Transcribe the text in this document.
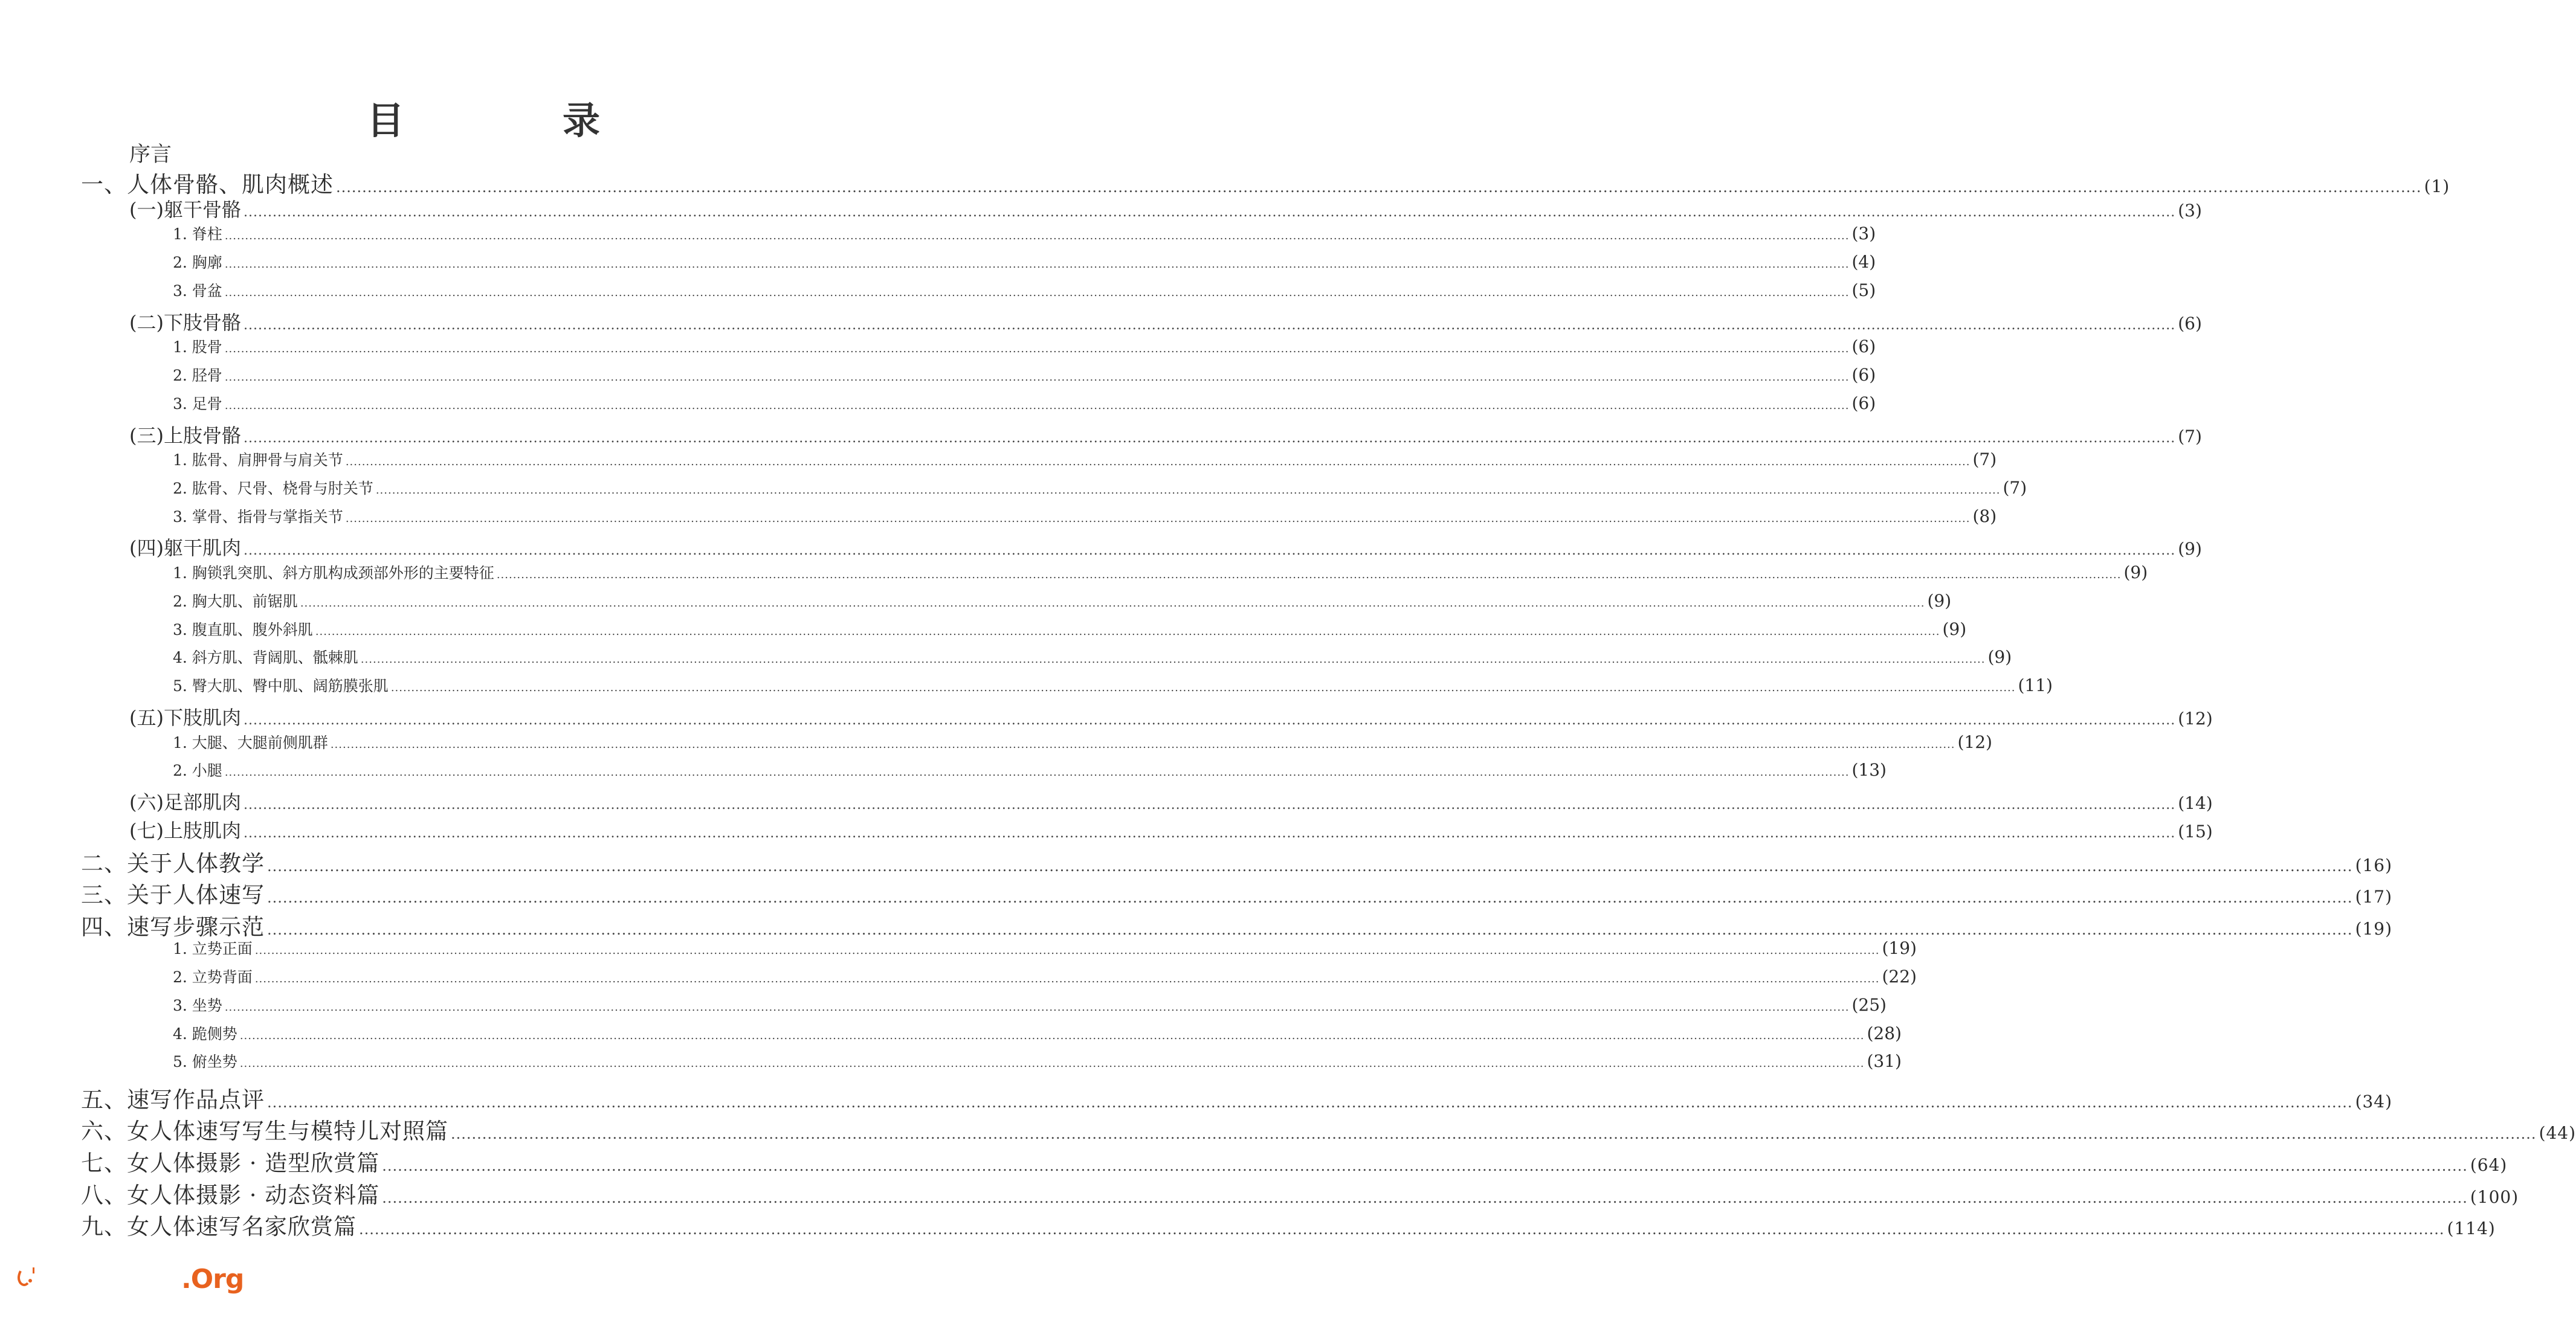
目　录
序言
一、人体骨骼、肌肉概述 ................................................................................................................................................................................................................................................................................................................................................................................................................ (1)
(一)躯干骨骼 ................................................................................................................................................................................................................................................................................................................................................................................................................ (3)
1. 脊柱 ................................................................................................................................................................................................................................................................................................................................................................................................................ (3)
2. 胸廓 ................................................................................................................................................................................................................................................................................................................................................................................................................ (4)
3. 骨盆 ................................................................................................................................................................................................................................................................................................................................................................................................................ (5)
(二)下肢骨骼 ................................................................................................................................................................................................................................................................................................................................................................................................................ (6)
1. 股骨 ................................................................................................................................................................................................................................................................................................................................................................................................................ (6)
2. 胫骨 ................................................................................................................................................................................................................................................................................................................................................................................................................ (6)
3. 足骨 ................................................................................................................................................................................................................................................................................................................................................................................................................ (6)
(三)上肢骨骼 ................................................................................................................................................................................................................................................................................................................................................................................................................ (7)
1. 肱骨、肩胛骨与肩关节 ................................................................................................................................................................................................................................................................................................................................................................................................................ (7)
2. 肱骨、尺骨、桡骨与肘关节 ................................................................................................................................................................................................................................................................................................................................................................................................................ (7)
3. 掌骨、指骨与掌指关节 ................................................................................................................................................................................................................................................................................................................................................................................................................ (8)
(四)躯干肌肉 ................................................................................................................................................................................................................................................................................................................................................................................................................ (9)
1. 胸锁乳突肌、斜方肌构成颈部外形的主要特征 ................................................................................................................................................................................................................................................................................................................................................................................................................ (9)
2. 胸大肌、前锯肌 ................................................................................................................................................................................................................................................................................................................................................................................................................ (9)
3. 腹直肌、腹外斜肌 ................................................................................................................................................................................................................................................................................................................................................................................................................ (9)
4. 斜方肌、背阔肌、骶棘肌 ................................................................................................................................................................................................................................................................................................................................................................................................................ (9)
5. 臀大肌、臀中肌、阔筋膜张肌 ................................................................................................................................................................................................................................................................................................................................................................................................................ (11)
(五)下肢肌肉 ................................................................................................................................................................................................................................................................................................................................................................................................................ (12)
1. 大腿、大腿前侧肌群 ................................................................................................................................................................................................................................................................................................................................................................................................................ (12)
2. 小腿 ................................................................................................................................................................................................................................................................................................................................................................................................................ (13)
(六)足部肌肉 ................................................................................................................................................................................................................................................................................................................................................................................................................ (14)
(七)上肢肌肉 ................................................................................................................................................................................................................................................................................................................................................................................................................ (15)
二、关于人体教学 ................................................................................................................................................................................................................................................................................................................................................................................................................ (16)
三、关于人体速写 ................................................................................................................................................................................................................................................................................................................................................................................................................ (17)
四、速写步骤示范 ................................................................................................................................................................................................................................................................................................................................................................................................................ (19)
1. 立势正面 ................................................................................................................................................................................................................................................................................................................................................................................................................ (19)
2. 立势背面 ................................................................................................................................................................................................................................................................................................................................................................................................................ (22)
3. 坐势 ................................................................................................................................................................................................................................................................................................................................................................................................................ (25)
4. 跪侧势 ................................................................................................................................................................................................................................................................................................................................................................................................................ (28)
5. 俯坐势 ................................................................................................................................................................................................................................................................................................................................................................................................................ (31)
五、速写作品点评 ................................................................................................................................................................................................................................................................................................................................................................................................................ (34)
六、女人体速写写生与模特儿对照篇 ................................................................................................................................................................................................................................................................................................................................................................................................................ (44)
七、女人体摄影 · 造型欣赏篇 ................................................................................................................................................................................................................................................................................................................................................................................................................ (64)
八、女人体摄影 · 动态资料篇 ................................................................................................................................................................................................................................................................................................................................................................................................................ (100)
九、女人体速写名家欣赏篇 ................................................................................................................................................................................................................................................................................................................................................................................................................ (114)
.Org
